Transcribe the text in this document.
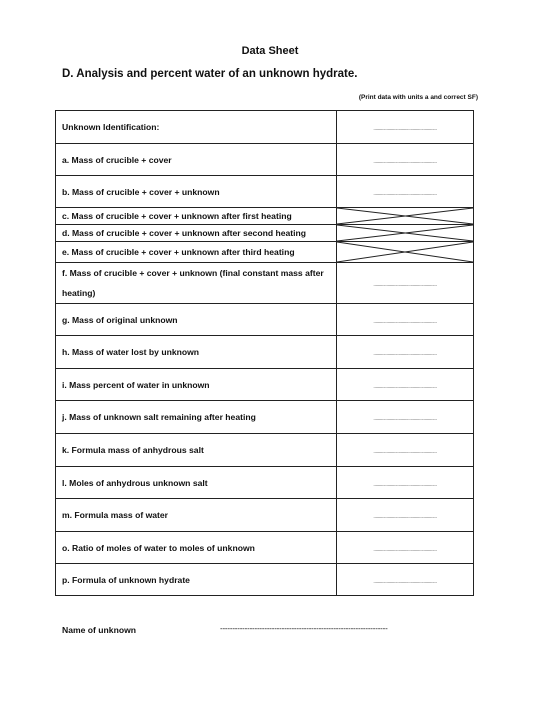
Data Sheet
D. Analysis and percent water of an unknown hydrate.
(Print data with units a and correct SF)
Unknown Identification:	..........................................................
a. Mass of crucible + cover	..........................................................
b. Mass of crucible + cover + unknown	..........................................................
c. Mass of crucible + cover + unknown after first heating	

d. Mass of crucible + cover + unknown after second heating	

e. Mass of crucible + cover + unknown after third heating	

f. Mass of crucible + cover + unknown (final constant mass after heating)	..........................................................
g. Mass of original unknown	..........................................................
h. Mass of water lost by unknown	..........................................................
i. Mass percent of water in unknown	..........................................................
j. Mass of unknown salt remaining after heating	..........................................................
k. Formula mass of anhydrous salt	..........................................................
l. Moles of anhydrous unknown salt	..........................................................
m. Formula mass of water	..........................................................
o. Ratio of moles of water to moles of unknown	..........................................................
p. Formula of unknown hydrate	..........................................................
Name of unknown	--------------------------------------------------------------------
